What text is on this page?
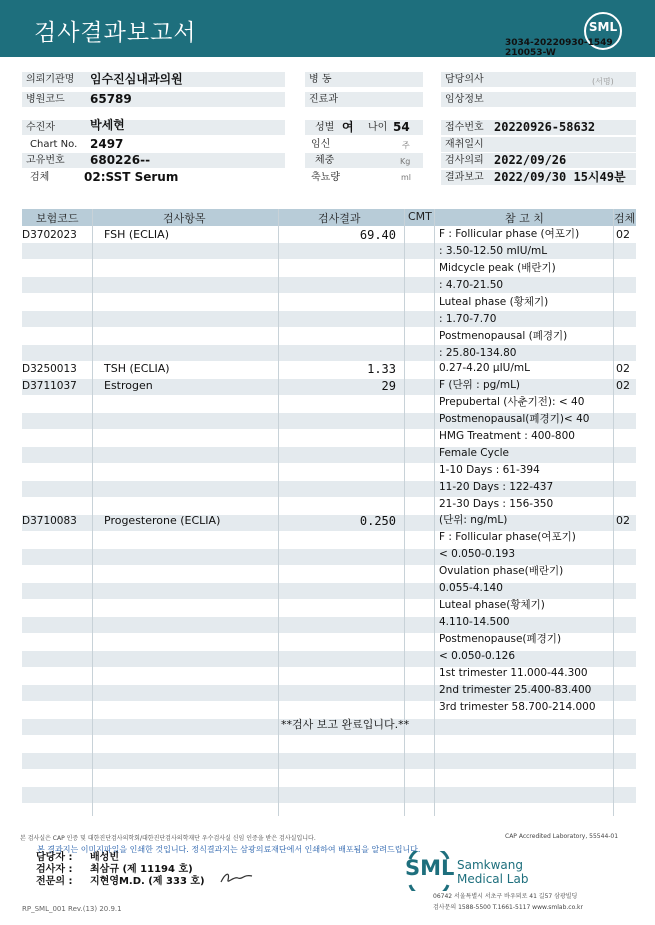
검사결과보고서	SML
3034-20220930-1549
210053-W
의뢰기관명	임수진심내과의원
병원코드	65789
병 동
진료과
담당의사	(서명)
임상정보
수진자	박세현
Chart No. 2497
고유번호	680226--
검체	02:SST Serum
성별 여 나이 54
임신	주
체중	Kg
축뇨량	ml
접수번호 20220926-58632
재취일시
검사의뢰 2022/09/26
결과보고 2022/09/30 15시49분
보험코드	검사항목	검사결과	CMT	참 고 치	검체
D3702023 FSH (ECLIA)	69.40	F : Follicular phase (여포기)	02
: 3.50-12.50 mIU/mL
Midcycle peak (배란기)
: 4.70-21.50
Luteal phase (황체기)
: 1.70-7.70
Postmenopausal (폐경기)
: 25.80-134.80
D3250013 TSH (ECLIA)	1.33	0.27-4.20 μIU/mL	02
D3711037 Estrogen	29	F (단위 : pg/mL)	02
Prepubertal (사춘기전): < 40
Postmenopausal(폐경기)< 40
HMG Treatment : 400-800
Female Cycle
1-10 Days : 61-394
11-20 Days : 122-437
21-30 Days : 156-350
D3710083 Progesterone (ECLIA)	0.250	(단위: ng/mL)	02
F : Follicular phase(여포기)
< 0.050-0.193
Ovulation phase(배란기)
0.055-4.140
Luteal phase(황체기)
4.110-14.500
Postmenopause(폐경기)
< 0.050-0.126
1st trimester 11.000-44.300
2nd trimester 25.400-83.400
3rd trimester 58.700-214.000
**검사 보고 완료입니다.**
본 검사실은 CAP 인증 및 대한진단검사의학회/대한진단검사의학재단 우수검사실 신임 인증을 받은 검사실입니다.	CAP Accredited Laboratory, 55544-01
본 결과지는 이미지파일을 인쇄한 것입니다. 정식결과지는 삼광의료재단에서 인쇄하여 배포됨을 알려드립니다.
담당자 :	배성빈
검사자 :	최삼규 (제 11194 호)
전문의 :	지현영M.D. (제 333 호)
SML Samkwang
Medical Lab
06742 서울특별시 서초구 바우뫼로 41 길57 삼광빌딩
검사문의 1588-5500 T.1661-5117 www.smlab.co.kr
RP_SML_001 Rev.(13) 20.9.1
